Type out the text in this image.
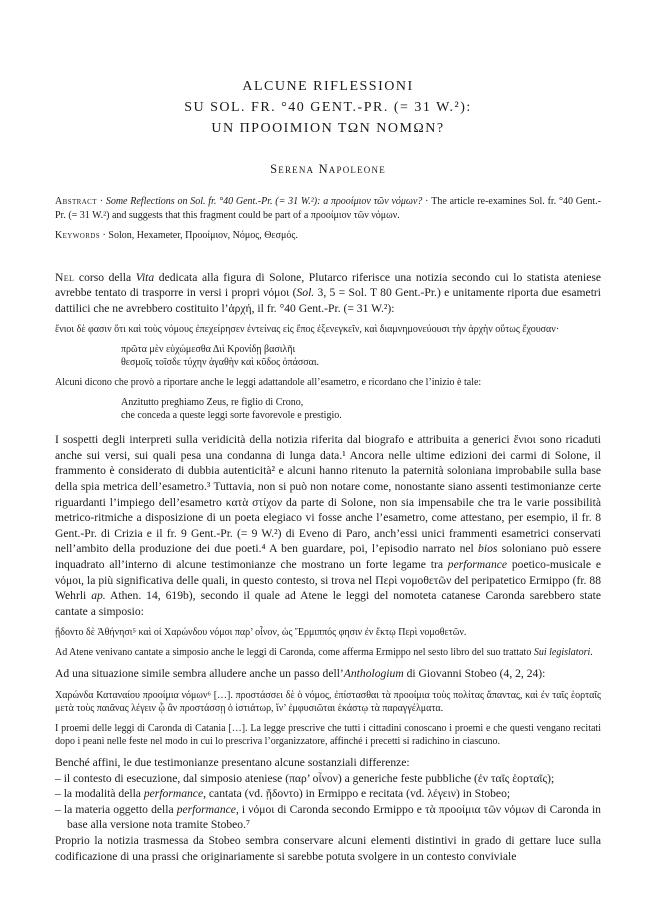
ALCUNE RIFLESSIONI
SU SOL. FR. °40 GENT.-PR. (= 31 W.²):
UN ΠΡΟΟΙΜΙΟΝ ΤΩΝ ΝΟΜΩΝ?
Serena Napoleone

Abstract · Some Reflections on Sol. fr. °40 Gent.-Pr. (= 31 W.²): a προοίμιον τῶν νόμων? · The article re-examines Sol. fr. °40 Gent.-Pr. (= 31 W.²) and suggests that this fragment could be part of a προοίμιον τῶν νόμων.

Keywords · Solon, Hexameter, Προοίμιον, Νόμος, Θεσμός.

Nel corso della Vita dedicata alla figura di Solone, Plutarco riferisce una notizia secondo cui lo statista ateniese avrebbe tentato di trasporre in versi i propri νόμοι (Sol. 3, 5 = Sol. T 80 Gent.-Pr.) e unitamente riporta due esametri dattilici che ne avrebbero costituito l’ἀρχή, il fr. °40 Gent.-Pr. (= 31 W.²):

ἔνιοι δὲ φασιν ὅτι καὶ τοὺς νόμους ἐπεχείρησεν ἐντείνας εἰς ἔπος ἐξενεγκεῖν, καὶ διαμνημονεύουσι τὴν ἀρχὴν οὕτως ἔχουσαν·

πρῶτα μὲν εὐχώμεσθα Διὶ Κρονίδῃ βασιλῆι

θεσμοῖς τοῖσδε τύχην ἀγαθὴν καὶ κῦδος ὀπάσσαι.

Alcuni dicono che provò a riportare anche le leggi adattandole all’esametro, e ricordano che l’inizio è tale:

Anzitutto preghiamo Zeus, re figlio di Crono,

che conceda a queste leggi sorte favorevole e prestigio.

I sospetti degli interpreti sulla veridicità della notizia riferita dal biografo e attribuita a generici ἔνιοι sono ricaduti anche sui versi, sui quali pesa una condanna di lunga data.¹ Ancora nelle ultime edizioni dei carmi di Solone, il frammento è considerato di dubbia autenticità² e alcuni hanno ritenuto la paternità soloniana improbabile sulla base della spia metrica dell’esametro.³ Tuttavia, non si può non notare come, nonostante siano assenti testimonianze certe riguardanti l’impiego dell’esametro κατὰ στίχον da parte di Solone, non sia impensabile che tra le varie possibilità metrico-ritmiche a disposizione di un poeta elegiaco vi fosse anche l’esametro, come attestano, per esempio, il fr. 8 Gent.-Pr. di Crizia e il fr. 9 Gent.-Pr. (= 9 W.²) di Eveno di Paro, anch’essi unici frammenti esametrici conservati nell’ambito della produzione dei due poeti.⁴ A ben guardare, poi, l’episodio narrato nel bios soloniano può essere inquadrato all’interno di alcune testimonianze che mostrano un forte legame tra performance poetico-musicale e νόμοι, la più significativa delle quali, in questo contesto, si trova nel Περὶ νομοθετῶν del peripatetico Ermippo (fr. 88 Wehrli ap. Athen. 14, 619b), secondo il quale ad Atene le leggi del nomoteta catanese Caronda sarebbero state cantate a simposio:

ᾔδοντο δὲ Ἀθήνησι⁵ καὶ οἱ Χαρώνδου νόμοι παρ’ οἶνον, ὡς Ἕρμιππός φησιν ἐν ἕκτῳ Περὶ νομοθετῶν.

Ad Atene venivano cantate a simposio anche le leggi di Caronda, come afferma Ermippo nel sesto libro del suo trattato Sui legislatori.

Ad una situazione simile sembra alludere anche un passo dell’Anthologium di Giovanni Stobeo (4, 2, 24):

Χαρώνδα Καταναίου προοίμια νόμων⁶ […]. προστάσσει δὲ ὁ νόμος, ἐπίστασθαι τὰ προοίμια τοὺς πολίτας ἅπαντας, καὶ ἐν ταῖς ἑορταῖς μετὰ τοὺς παιᾶνας λέγειν ᾧ ἂν προστάσσῃ ὁ ἱστιάτωρ, ἵν’ ἐμφυσιῶται ἑκάστῳ τὰ παραγγέλματα.

I proemi delle leggi di Caronda di Catania […]. La legge prescrive che tutti i cittadini conoscano i proemi e che questi vengano recitati dopo i peani nelle feste nel modo in cui lo prescriva l’organizzatore, affinché i precetti si radichino in ciascuno.

Benché affini, le due testimonianze presentano alcune sostanziali differenze:

– il contesto di esecuzione, dal simposio ateniese (παρ’ οἶνον) a generiche feste pubbliche (ἐν ταῖς ἑορταῖς);
– la modalità della performance, cantata (vd. ᾔδοντο) in Ermippo e recitata (vd. λέγειν) in Stobeo;
– la materia oggetto della performance, i νόμοι di Caronda secondo Ermippo e τὰ προοίμια τῶν νόμων di Caronda in base alla versione nota tramite Stobeo.⁷

Proprio la notizia trasmessa da Stobeo sembra conservare alcuni elementi distintivi in grado di gettare luce sulla codificazione di una prassi che originariamente si sarebbe potuta svolgere in un contesto conviviale
